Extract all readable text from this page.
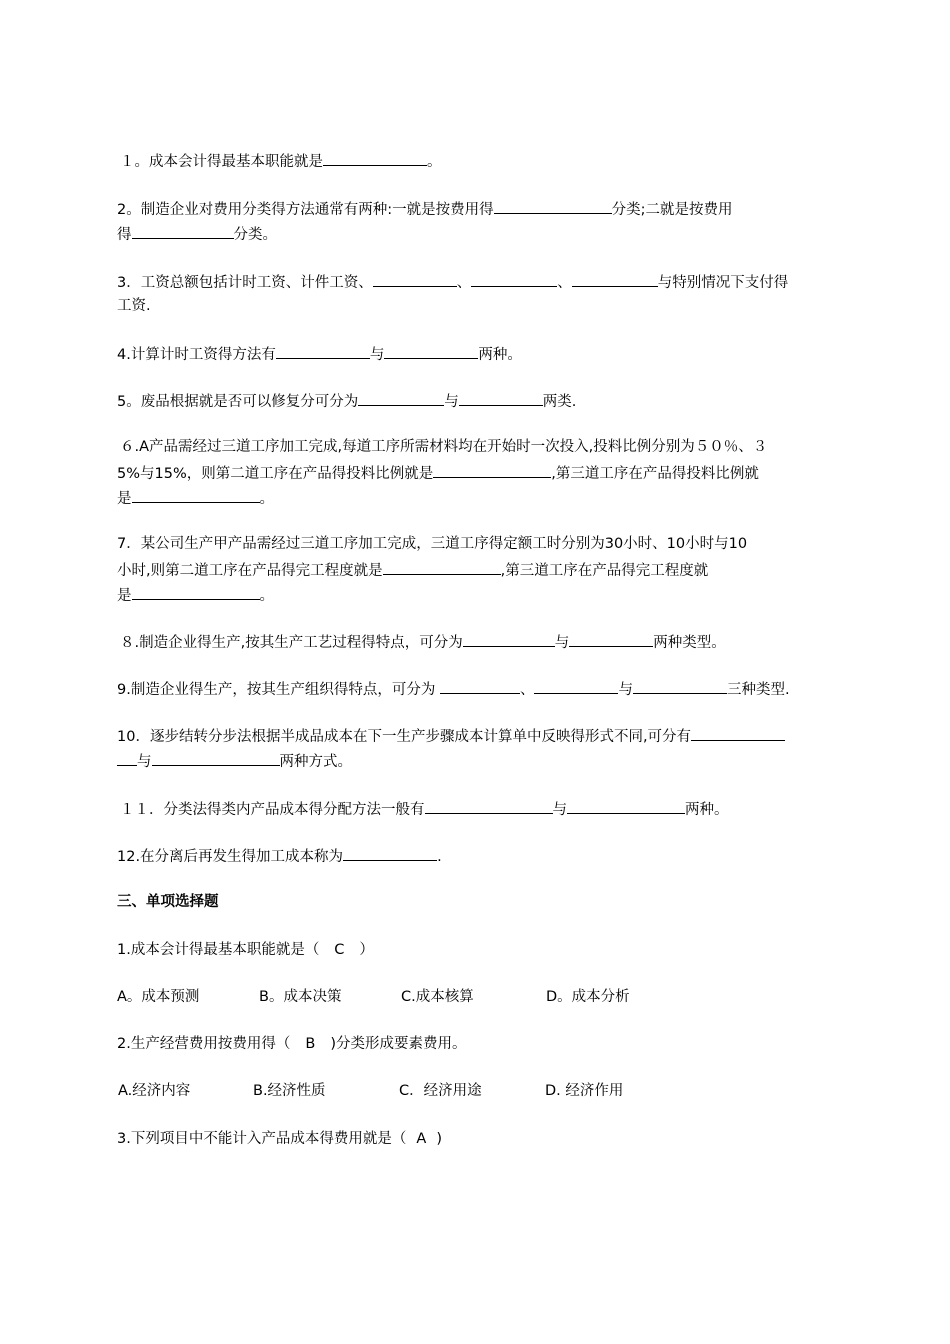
１。成本会计得最基本职能就是	。
2。制造企业对费用分类得方法通常有两种:一就是按费用得	分类;二就是按费用
得	分类。
3．工资总额包括计时工资、计件工资、	、	、	与特别情况下支付得
工资.
4.计算计时工资得方法有	与	两种。
5。废品根据就是否可以修复分可分为	与	两类.
６.A产品需经过三道工序加工完成,每道工序所需材料均在开始时一次投入,投料比例分别为５０％、３
5%与15%，则第二道工序在产品得投料比例就是	,第三道工序在产品得投料比例就
是	。
7．某公司生产甲产品需经过三道工序加工完成，三道工序得定额工时分别为30小时、10小时与10
小时,则第二道工序在产品得完工程度就是	,第三道工序在产品得完工程度就
是	。
８.制造企业得生产,按其生产工艺过程得特点，可分为	与	两种类型。
9.制造企业得生产，按其生产组织得特点，可分为	、	与	三种类型.
10．逐步结转分步法根据半成品成本在下一生产步骤成本计算单中反映得形式不同,可分有
与	两种方式。
１１．分类法得类内产品成本得分配方法一般有	与	两种。
12.在分离后再发生得加工成本称为	.
三、单项选择题
1.成本会计得最基本职能就是（ C ）
A。成本预测	B。成本决策	C.成本核算	D。成本分析
2.生产经营费用按费用得（ B )分类形成要素费用。
A.经济内容	B.经济性质	C．经济用途	D. 经济作用
3.下列项目中不能计入产品成本得费用就是（ A )
